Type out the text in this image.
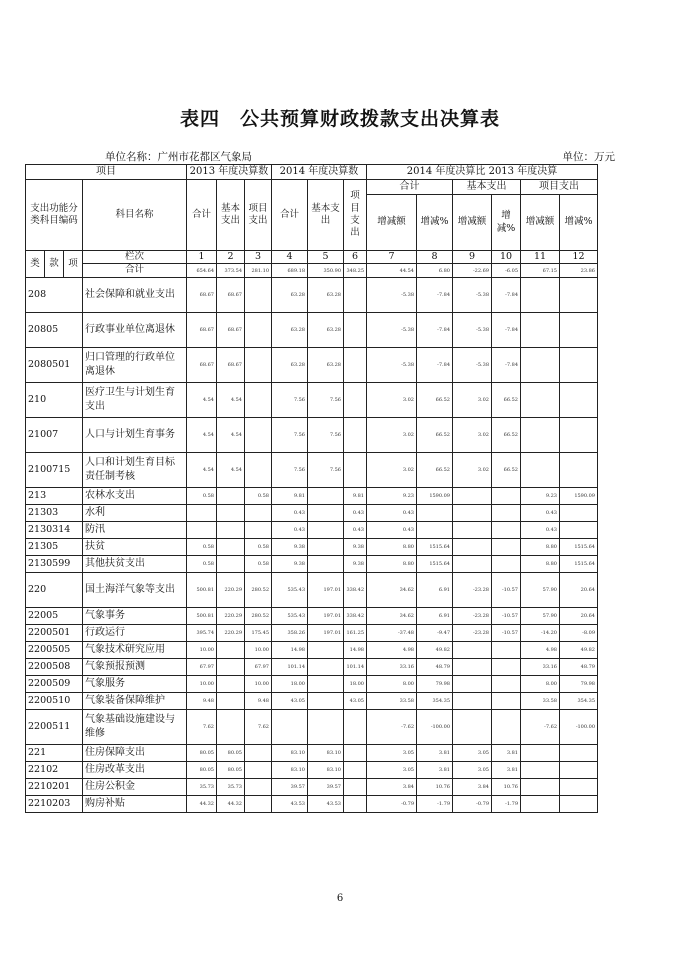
表四　公共预算财政拨款支出决算表
单位名称：广州市花都区气象局	单位：万元
项目				2013 年度决算数			2014 年度决算数			2014 年度决算比 2013 年度决算					
支出功能分类科目编码			科目名称	合计	基本支出	项目支出	合计	基本支出	项目支出	合计		基本支出		项目支出	
										增减额	增减%	增减额	增减%	增减额	增减%

类	款	项	栏次	1	2	3	4	5	6	7	8	9	10	11	12
			合计	654.64	373.54	281.10	689.18	350.90	348.25	44.54	6.80	-22.69	-6.05	67.15	23.86
208			社会保障和就业支出	68.67	68.67		63.28	63.28		-5.38	-7.84	-5.38	-7.84		
20805			行政事业单位离退休	68.67	68.67		63.28	63.28		-5.38	-7.84	-5.38	-7.84		
2080501			归口管理的行政单位离退休	68.67	68.67		63.28	63.28		-5.38	-7.84	-5.38	-7.84		
210			医疗卫生与计划生育支出	4.54	4.54		7.56	7.56		3.02	66.52	3.02	66.52		
21007			人口与计划生育事务	4.54	4.54		7.56	7.56		3.02	66.52	3.02	66.52		
2100715			人口和计划生育目标责任制考核	4.54	4.54		7.56	7.56		3.02	66.52	3.02	66.52		
213			农林水支出	0.58		0.58	9.81		9.81	9.23	1590.09			9.23	1590.09
21303			水利				0.43		0.43	0.43				0.43	
2130314			防汛				0.43		0.43	0.43				0.43	
21305			扶贫	0.58		0.58	9.38		9.38	8.80	1515.64			8.80	1515.64
2130599			其他扶贫支出	0.58		0.58	9.38		9.38	8.80	1515.64			8.80	1515.64
220			国土海洋气象等支出	500.81	220.29	280.52	535.43	197.01	338.42	34.62	6.91	-23.28	-10.57	57.90	20.64
22005			气象事务	500.81	220.29	280.52	535.43	197.01	338.42	34.62	6.91	-23.28	-10.57	57.90	20.64
2200501			行政运行	395.74	220.29	175.45	358.26	197.01	161.25	-37.48	-9.47	-23.28	-10.57	-14.20	-8.09
2200505			气象技术研究应用	10.00		10.00	14.98		14.98	4.98	49.82			4.98	49.82
2200508			气象预报预测	67.97		67.97	101.14		101.14	33.16	48.79			33.16	48.79
2200509			气象服务	10.00		10.00	18.00		18.00	8.00	79.98			8.00	79.98
2200510			气象装备保障维护	9.48		9.48	43.05		43.05	33.58	354.35			33.58	354.35
2200511			气象基础设施建设与维修	7.62		7.62				-7.62	-100.00			-7.62	-100.00
221			住房保障支出	80.05	80.05		83.10	83.10		3.05	3.81	3.05	3.81		
22102			住房改革支出	80.05	80.05		83.10	83.10		3.05	3.81	3.05	3.81		
2210201			住房公积金	35.73	35.73		39.57	39.57		3.84	10.76	3.84	10.76		
2210203			购房补贴	44.32	44.32		43.53	43.53		-0.79	-1.79	-0.79	-1.79		
6
